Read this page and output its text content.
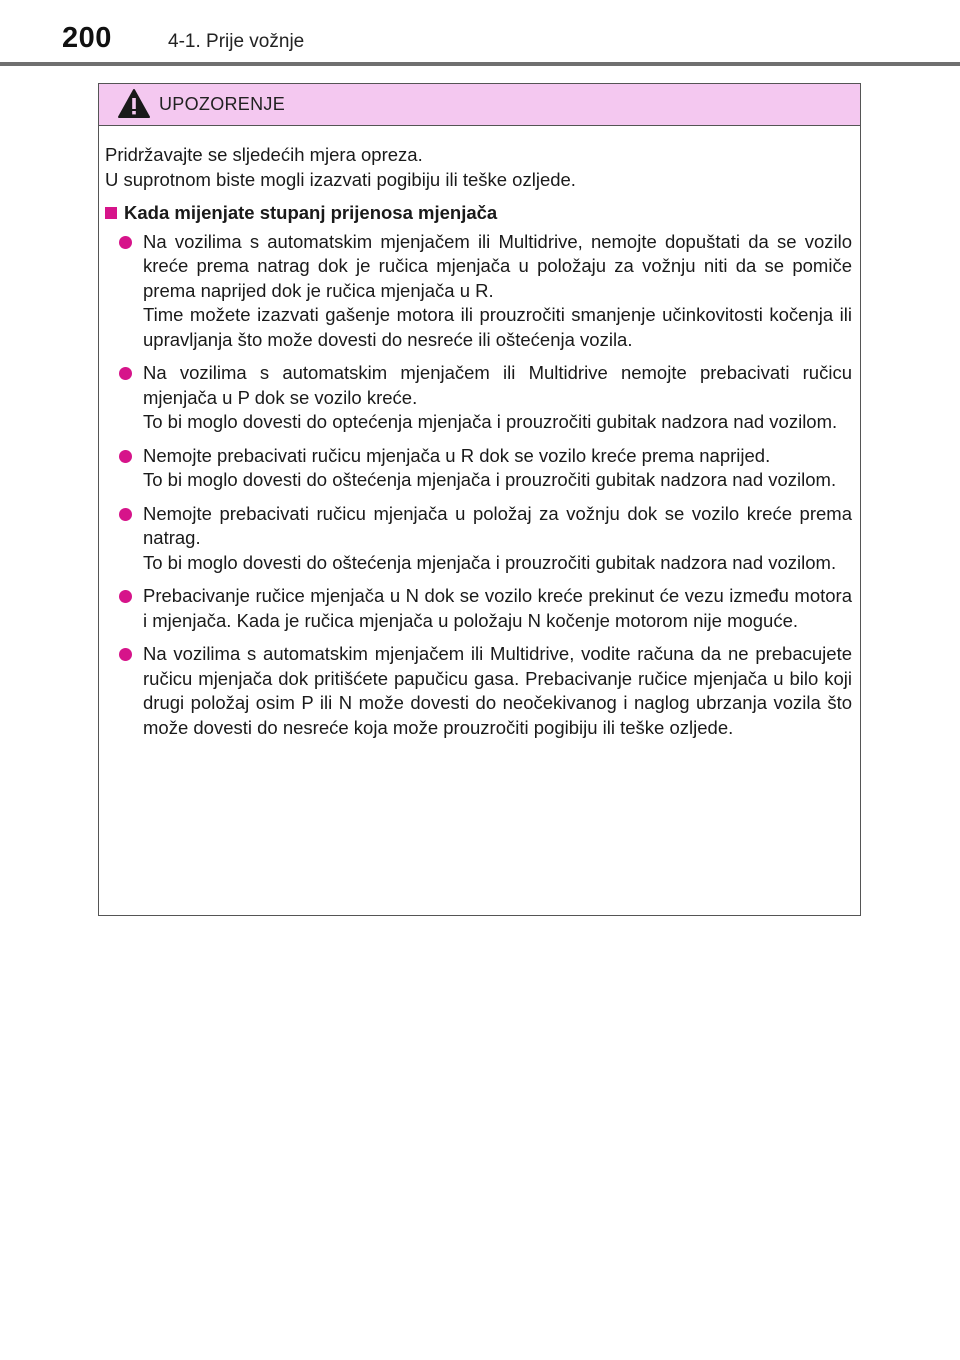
200	4-1. Prije vožnje
UPOZORENJE

Pridržavajte se sljedećih mjera opreza.

U suprotnom biste mogli izazvati pogibiju ili teške ozljede.

Kada mijenjate stupanj prijenosa mjenjača

Na vozilima s automatskim mjenjačem ili Multidrive, nemojte dopuštati da se vozilo kreće prema natrag dok je ručica mjenjača u položaju za vožnju niti da se pomiče prema naprijed dok je ručica mjenjača u R.

Time možete izazvati gašenje motora ili prouzročiti smanjenje učinkovitosti kočenja ili upravljanja što može dovesti do nesreće ili oštećenja vozila.

Na vozilima s automatskim mjenjačem ili Multidrive nemojte prebacivati ručicu mjenjača u P dok se vozilo kreće.

To bi moglo dovesti do optećenja mjenjača i prouzročiti gubitak nadzora nad vozilom.

Nemojte prebacivati ručicu mjenjača u R dok se vozilo kreće prema naprijed.

To bi moglo dovesti do oštećenja mjenjača i prouzročiti gubitak nadzora nad vozilom.

Nemojte prebacivati ručicu mjenjača u položaj za vožnju dok se vozilo kreće prema natrag.

To bi moglo dovesti do oštećenja mjenjača i prouzročiti gubitak nadzora nad vozilom.

Prebacivanje ručice mjenjača u N dok se vozilo kreće prekinut će vezu između motora i mjenjača. Kada je ručica mjenjača u položaju N kočenje motorom nije moguće.

Na vozilima s automatskim mjenjačem ili Multidrive, vodite računa da ne prebacujete ručicu mjenjača dok pritišćete papučicu gasa. Prebacivanje ručice mjenjača u bilo koji drugi položaj osim P ili N može dovesti do neočekivanog i naglog ubrzanja vozila što može dovesti do nesreće koja može prouzročiti pogibiju ili teške ozljede.
